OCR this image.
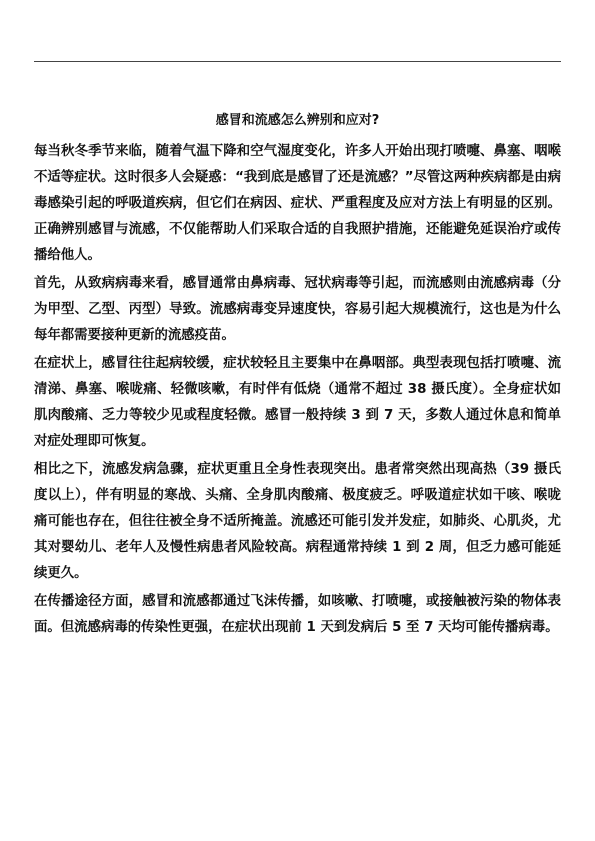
感冒和流感怎么辨别和应对?

每当秋冬季节来临，随着气温下降和空气湿度变化，许多人开始出现打喷嚏、鼻塞、咽喉不适等症状。这时很多人会疑惑：“我到底是感冒了还是流感？”尽管这两种疾病都是由病毒感染引起的呼吸道疾病，但它们在病因、症状、严重程度及应对方法上有明显的区别。正确辨别感冒与流感，不仅能帮助人们采取合适的自我照护措施，还能避免延误治疗或传播给他人。

首先，从致病病毒来看，感冒通常由鼻病毒、冠状病毒等引起，而流感则由流感病毒（分为甲型、乙型、丙型）导致。流感病毒变异速度快，容易引起大规模流行，这也是为什么每年都需要接种更新的流感疫苗。

在症状上，感冒往往起病较缓，症状较轻且主要集中在鼻咽部。典型表现包括打喷嚏、流清涕、鼻塞、喉咙痛、轻微咳嗽，有时伴有低烧（通常不超过 38 摄氏度）。全身症状如肌肉酸痛、乏力等较少见或程度轻微。感冒一般持续 3 到 7 天，多数人通过休息和简单对症处理即可恢复。

相比之下，流感发病急骤，症状更重且全身性表现突出。患者常突然出现高热（39 摄氏度以上），伴有明显的寒战、头痛、全身肌肉酸痛、极度疲乏。呼吸道症状如干咳、喉咙痛可能也存在，但往往被全身不适所掩盖。流感还可能引发并发症，如肺炎、心肌炎，尤其对婴幼儿、老年人及慢性病患者风险较高。病程通常持续 1 到 2 周，但乏力感可能延续更久。

在传播途径方面，感冒和流感都通过飞沫传播，如咳嗽、打喷嚏，或接触被污染的物体表面。但流感病毒的传染性更强，在症状出现前 1 天到发病后 5 至 7 天均可能传播病毒。
